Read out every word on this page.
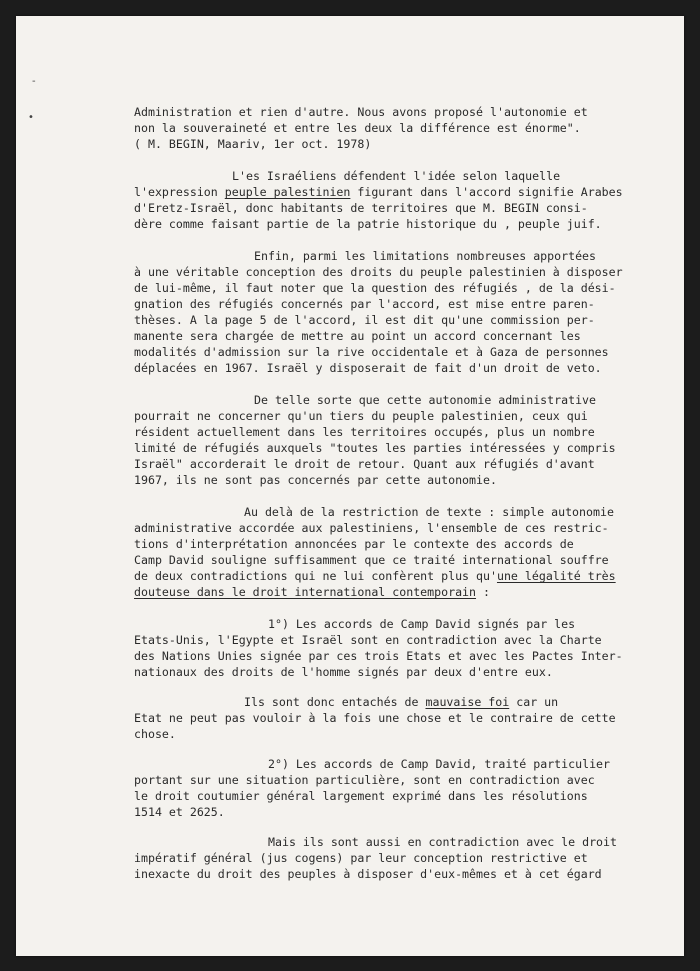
-
•	Administration et rien d'autre. Nous avons proposé l'autonomie et
non la souveraineté et entre les deux la différence est énorme".
( M. BEGIN, Maariv, 1er oct. 1978)

L'es Israéliens défendent l'idée selon laquelle
l'expression peuple palestinien figurant dans l'accord signifie Arabes
d'Eretz-Israël, donc habitants de territoires que M. BEGIN consi-
dère comme faisant partie de la patrie historique du , peuple juif.

Enfin, parmi les limitations nombreuses apportées
à une véritable conception des droits du peuple palestinien à disposer
de lui-même, il faut noter que la question des réfugiés , de la dési-
gnation des réfugiés concernés par l'accord, est mise entre paren-
thèses. A la page 5 de l'accord, il est dit qu'une commission per-
manente sera chargée de mettre au point un accord concernant les
modalités d'admission sur la rive occidentale et à Gaza de personnes
déplacées en 1967. Israël y disposerait de fait d'un droit de veto.

De telle sorte que cette autonomie administrative
pourrait ne concerner qu'un tiers du peuple palestinien, ceux qui
résident actuellement dans les territoires occupés, plus un nombre
limité de réfugiés auxquels "toutes les parties intéressées y compris
Israël" accorderait le droit de retour. Quant aux réfugiés d'avant
1967, ils ne sont pas concernés par cette autonomie.

Au delà de la restriction de texte : simple autonomie
administrative accordée aux palestiniens, l'ensemble de ces restric-
tions d'interprétation annoncées par le contexte des accords de
Camp David souligne suffisamment que ce traité international souffre
de deux contradictions qui ne lui confèrent plus qu'une légalité très
douteuse dans le droit international contemporain :

1°) Les accords de Camp David signés par les
Etats-Unis, l'Egypte et Israël sont en contradiction avec la Charte
des Nations Unies signée par ces trois Etats et avec les Pactes Inter-
nationaux des droits de l'homme signés par deux d'entre eux.

Ils sont donc entachés de mauvaise foi car un
Etat ne peut pas vouloir à la fois une chose et le contraire de cette
chose.

2°) Les accords de Camp David, traité particulier
portant sur une situation particulière, sont en contradiction avec
le droit coutumier général largement exprimé dans les résolutions
1514 et 2625.

Mais ils sont aussi en contradiction avec le droit
impératif général (jus cogens) par leur conception restrictive et
inexacte du droit des peuples à disposer d'eux-mêmes et à cet égard
